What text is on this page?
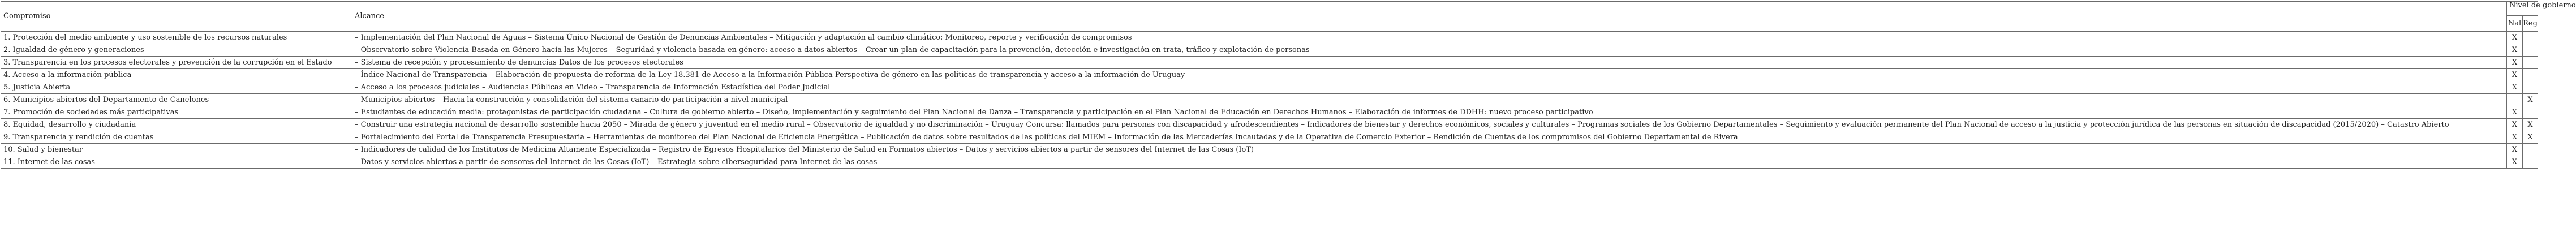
Compromiso	Alcance	Nivel de gobierno	
		Nal	Reg
1. Protección del medio ambiente y uso sostenible de los recursos naturales	– Implementación del Plan Nacional de Aguas – Sistema Único Nacional de Gestión de Denuncias Ambientales – Mitigación y adaptación al cambio climático: Monitoreo, reporte y verificación de compromisos	X	
2. Igualdad de género y generaciones	– Observatorio sobre Violencia Basada en Género hacia las Mujeres – Seguridad y violencia basada en género: acceso a datos abiertos – Crear un plan de capacitación para la prevención, detección e investigación en trata, tráfico y explotación de personas	X	
3. Transparencia en los procesos electorales y prevención de la corrupción en el Estado	– Sistema de recepción y procesamiento de denuncias Datos de los procesos electorales	X	
4. Acceso a la información pública	– Índice Nacional de Transparencia – Elaboración de propuesta de reforma de la Ley 18.381 de Acceso a la Información Pública Perspectiva de género en las políticas de transparencia y acceso a la información de Uruguay	X	
5. Justicia Abierta	– Acceso a los procesos judiciales – Audiencias Públicas en Video – Transparencia de Información Estadística del Poder Judicial	X	
6. Municipios abiertos del Departamento de Canelones	– Municipios abiertos – Hacia la construcción y consolidación del sistema canario de participación a nivel municipal		X
7. Promoción de sociedades más participativas	– Estudiantes de educación media: protagonistas de participación ciudadana – Cultura de gobierno abierto – Diseño, implementación y seguimiento del Plan Nacional de Danza – Transparencia y participación en el Plan Nacional de Educación en Derechos Humanos – Elaboración de informes de DDHH: nuevo proceso participativo	X	
8. Equidad, desarrollo y ciudadanía	– Construir una estrategia nacional de desarrollo sostenible hacia 2050 – Mirada de género y juventud en el medio rural – Observatorio de igualdad y no discriminación – Uruguay Concursa: llamados para personas con discapacidad y afrodescendientes – Indicadores de bienestar y derechos económicos, sociales y culturales – Programas sociales de los Gobierno Departamentales – Seguimiento y evaluación permanente del Plan Nacional de acceso a la justicia y protección jurídica de las personas en situación de discapacidad (2015/2020) – Catastro Abierto	X	X
9. Transparencia y rendición de cuentas	– Fortalecimiento del Portal de Transparencia Presupuestaria – Herramientas de monitoreo del Plan Nacional de Eficiencia Energética – Publicación de datos sobre resultados de las políticas del MIEM – Información de las Mercaderías Incautadas y de la Operativa de Comercio Exterior – Rendición de Cuentas de los compromisos del Gobierno Departamental de Rivera	X	X
10. Salud y bienestar	– Indicadores de calidad de los Institutos de Medicina Altamente Especializada – Registro de Egresos Hospitalarios del Ministerio de Salud en Formatos abiertos – Datos y servicios abiertos a partir de sensores del Internet de las Cosas (IoT)	X	
11. Internet de las cosas	– Datos y servicios abiertos a partir de sensores del Internet de las Cosas (IoT) – Estrategia sobre ciberseguridad para Internet de las cosas	X	
